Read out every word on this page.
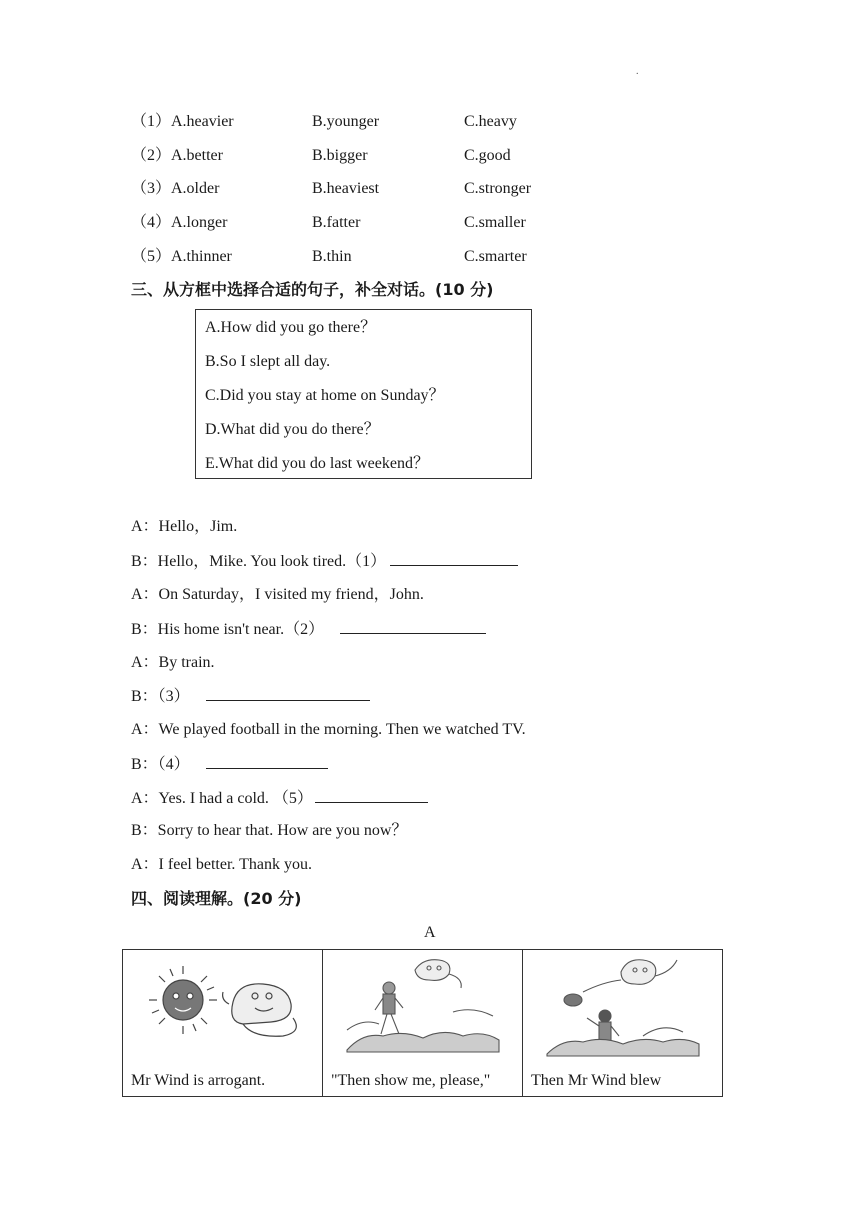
.
（1）A.heavier	B.younger	C.heavy
（2）A.better	B.bigger	C.good
（3）A.older	B.heaviest	C.stronger
（4）A.longer	B.fatter	C.smaller
（5）A.thinner	B.thin	C.smarter
三、从方框中选择合适的句子，补全对话。(10 分)
A.How did you go there？
B.So I slept all day.
C.Did you stay at home on Sunday？
D.What did you do there？
E.What did you do last weekend？
A：Hello，Jim.
B：Hello，Mike. You look tired.（1）
A：On Saturday，I visited my friend，John.
B：His home isn't near.（2）
A：By train.
B：（3）
A：We played football in the morning. Then we watched TV.
B：（4）
A：Yes. I had a cold. （5）
B：Sorry to hear that. How are you now？
A：I feel better. Thank you.
四、阅读理解。(20 分)
A
Mr Wind is arrogant.	"Then show me, please,"	Then Mr Wind blew
